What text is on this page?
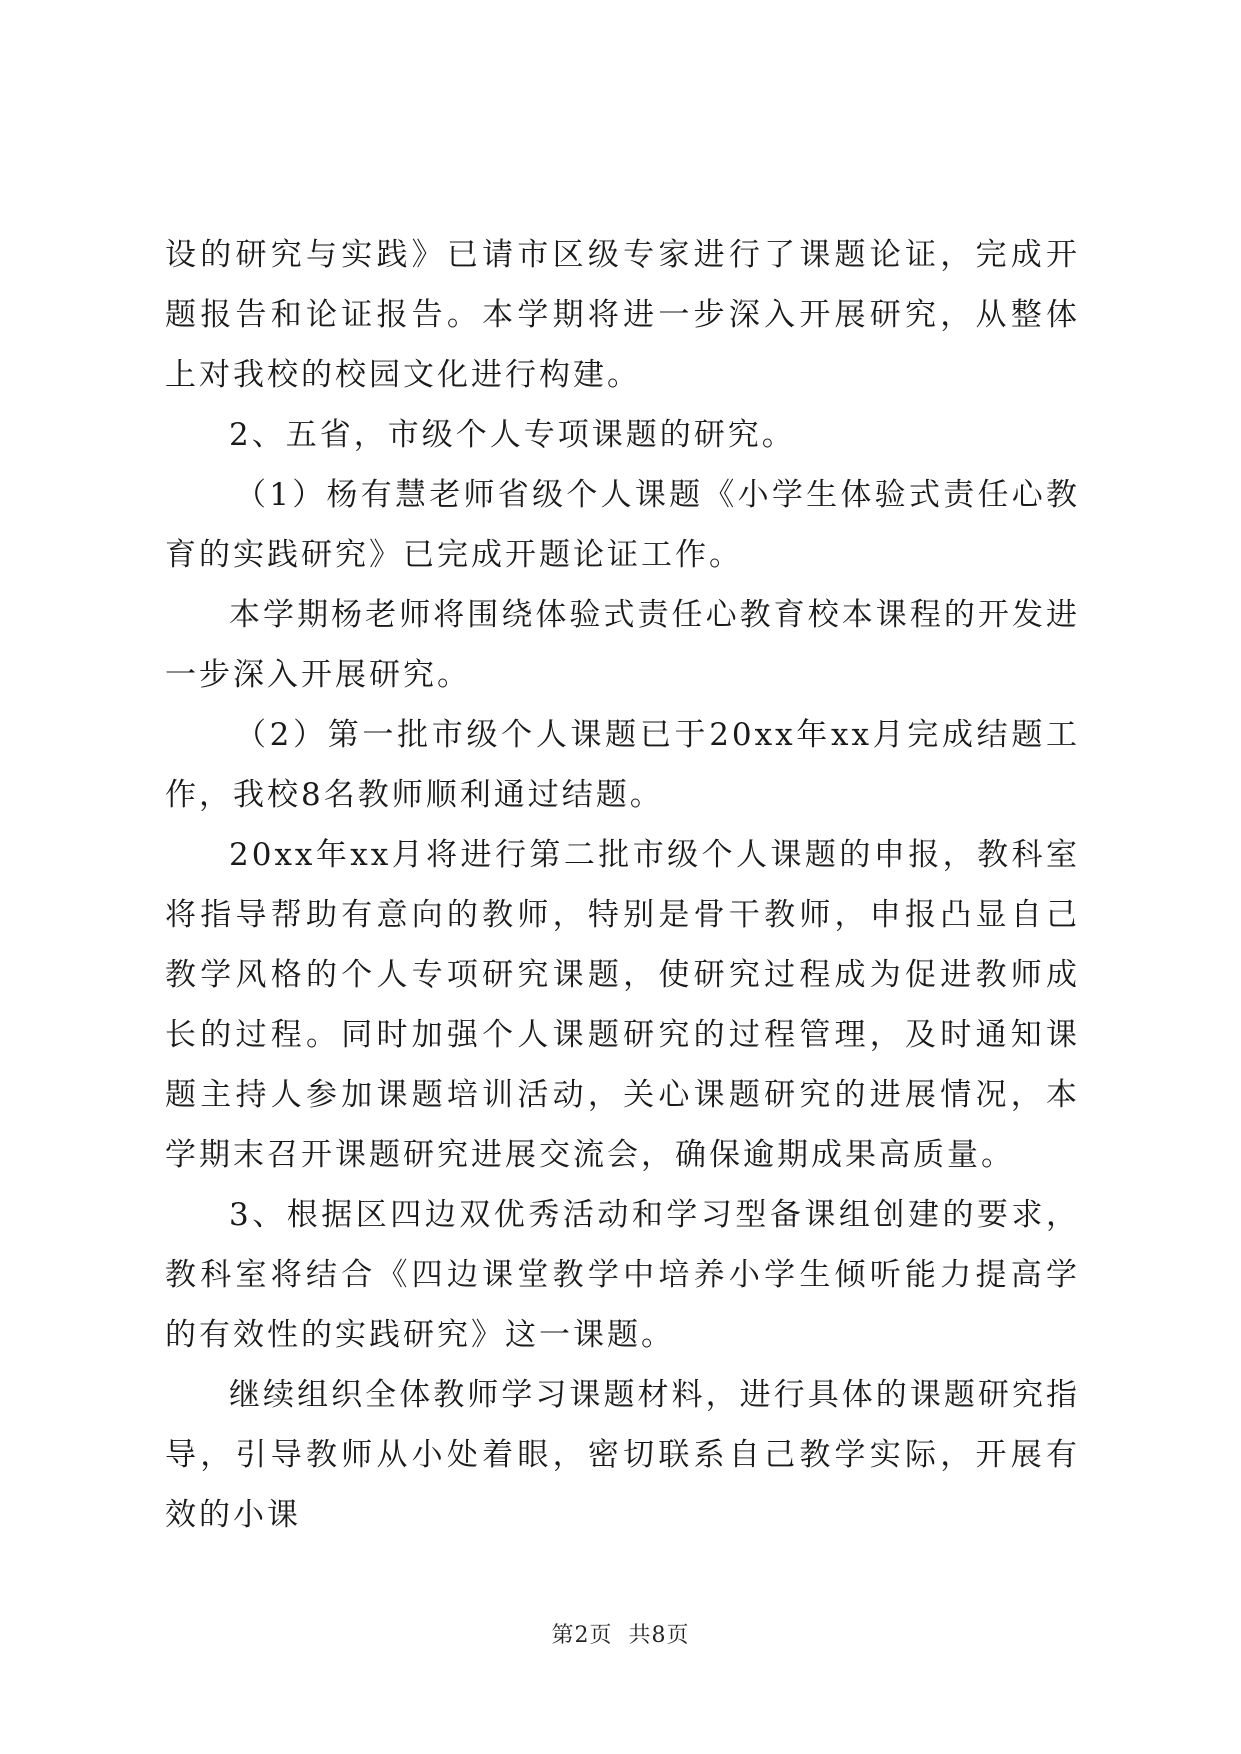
设的研究与实践》已请市区级专家进行了课题论证，完成开题报告和论证报告。本学期将进一步深入开展研究，从整体上对我校的校园文化进行构建。

2、五省，市级个人专项课题的研究。

（1）杨有慧老师省级个人课题《小学生体验式责任心教育的实践研究》已完成开题论证工作。

本学期杨老师将围绕体验式责任心教育校本课程的开发进一步深入开展研究。

（2）第一批市级个人课题已于20xx年xx月完成结题工作，我校8名教师顺利通过结题。

20xx年xx月将进行第二批市级个人课题的申报，教科室将指导帮助有意向的教师，特别是骨干教师，申报凸显自己教学风格的个人专项研究课题，使研究过程成为促进教师成长的过程。同时加强个人课题研究的过程管理，及时通知课题主持人参加课题培训活动，关心课题研究的进展情况，本学期末召开课题研究进展交流会，确保逾期成果高质量。

3、根据区四边双优秀活动和学习型备课组创建的要求，教科室将结合《四边课堂教学中培养小学生倾听能力提高学的有效性的实践研究》这一课题。

继续组织全体教师学习课题材料，进行具体的课题研究指导，引导教师从小处着眼，密切联系自己教学实际，开展有效的小课

第2页 共8页
